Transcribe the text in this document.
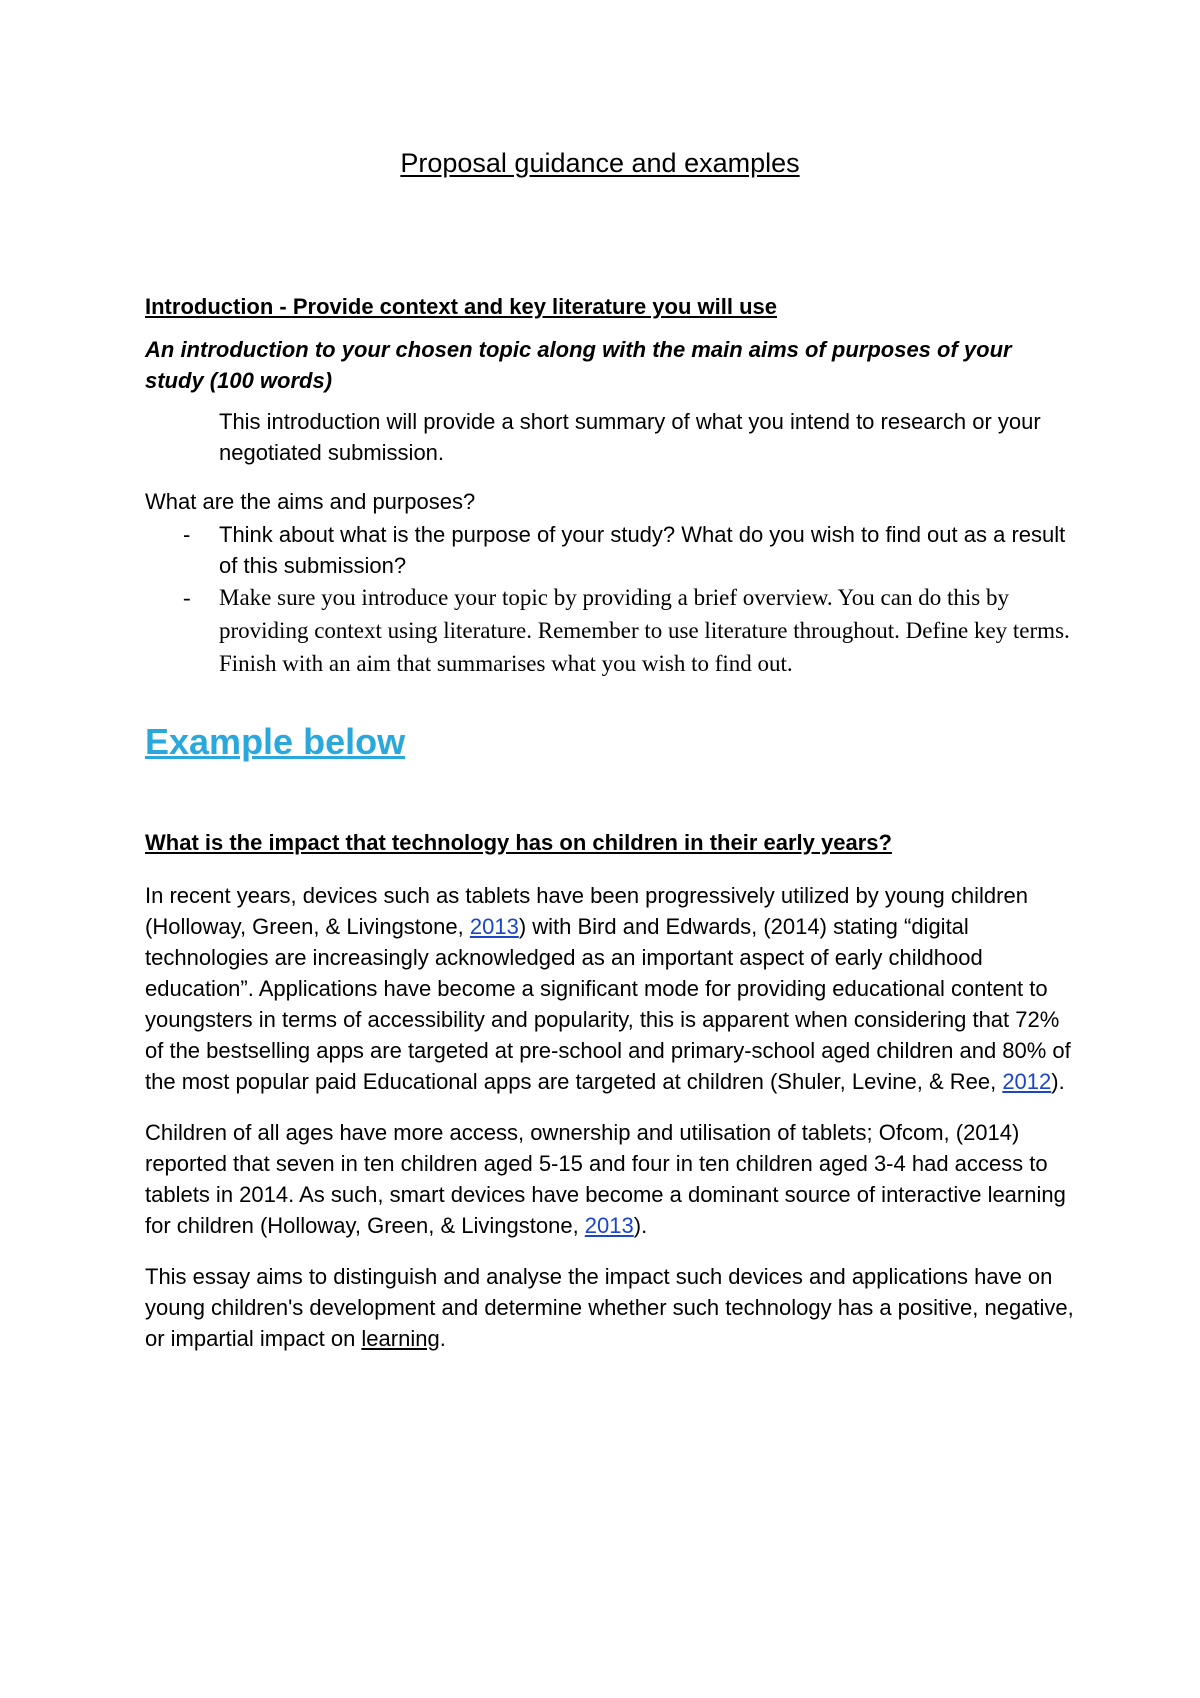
Proposal guidance and examples
Introduction - Provide context and key literature you will use
An introduction to your chosen topic along with the main aims of purposes of your study (100 words)
This introduction will provide a short summary of what you intend to research or your negotiated submission.
What are the aims and purposes?
- Think about what is the purpose of your study? What do you wish to find out as a result of this submission?
- Make sure you introduce your topic by providing a brief overview. You can do this by providing context using literature. Remember to use literature throughout. Define key terms. Finish with an aim that summarises what you wish to find out.
Example below
What is the impact that technology has on children in their early years?

In recent years, devices such as tablets have been progressively utilized by young children (Holloway, Green, & Livingstone, 2013) with Bird and Edwards, (2014) stating “digital technologies are increasingly acknowledged as an important aspect of early childhood education”. Applications have become a significant mode for providing educational content to youngsters in terms of accessibility and popularity, this is apparent when considering that 72% of the bestselling apps are targeted at pre-school and primary-school aged children and 80% of the most popular paid Educational apps are targeted at children (Shuler, Levine, & Ree, 2012).

Children of all ages have more access, ownership and utilisation of tablets; Ofcom, (2014) reported that seven in ten children aged 5-15 and four in ten children aged 3-4 had access to tablets in 2014. As such, smart devices have become a dominant source of interactive learning for children (Holloway, Green, & Livingstone, 2013).

This essay aims to distinguish and analyse the impact such devices and applications have on young children's development and determine whether such technology has a positive, negative, or impartial impact on learning.
